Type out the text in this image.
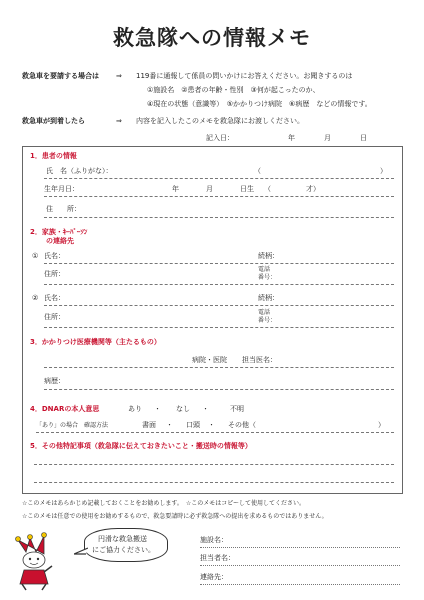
救急隊への情報メモ
救急車を要請する場合は ⇒ 119番に通報して係員の問いかけにお答えください。お聞きするのは
①施設名　②患者の年齢・性別　③何が起こったのか、
④現在の状態（意識等）　⑤かかりつけ病院　⑥病歴　などの情報です。
救急車が到着したら	⇒ 内容を記入したこのメモを救急隊にお渡しください。
記入日：	年	月	日
1．患者の情報
氏　名（ふりがな）：	（	）
生年月日：	年	月	日生 （	才）
住　　所：
2．家族・ｷｰﾊﾟｰｿﾝ
の連絡先
① 氏名：	続柄：
住所：
電話
番号：
② 氏名：	続柄：
住所：
電話
番号：
3．かかりつけ医療機関等（主たるもの）
病院・医院 担当医名：
病歴：
4．DNARの本人意思	あり ・ なし ・	不明
「あり」の場合　確認方法	書面 ・ 口頭 ・ その他（	）
5．その他特記事項（救急隊に伝えておきたいこと・搬送時の情報等）
☆このメモはあらかじめ記載しておくことをお勧めします。　☆このメモはコピーして使用してください。
☆このメモは任意での使用をお勧めするもので、救急要請時に必ず救急隊への提出を求めるものではありません。
円滑な救急搬送
にご協力ください。
施設名：
担当者名：
連絡先：
